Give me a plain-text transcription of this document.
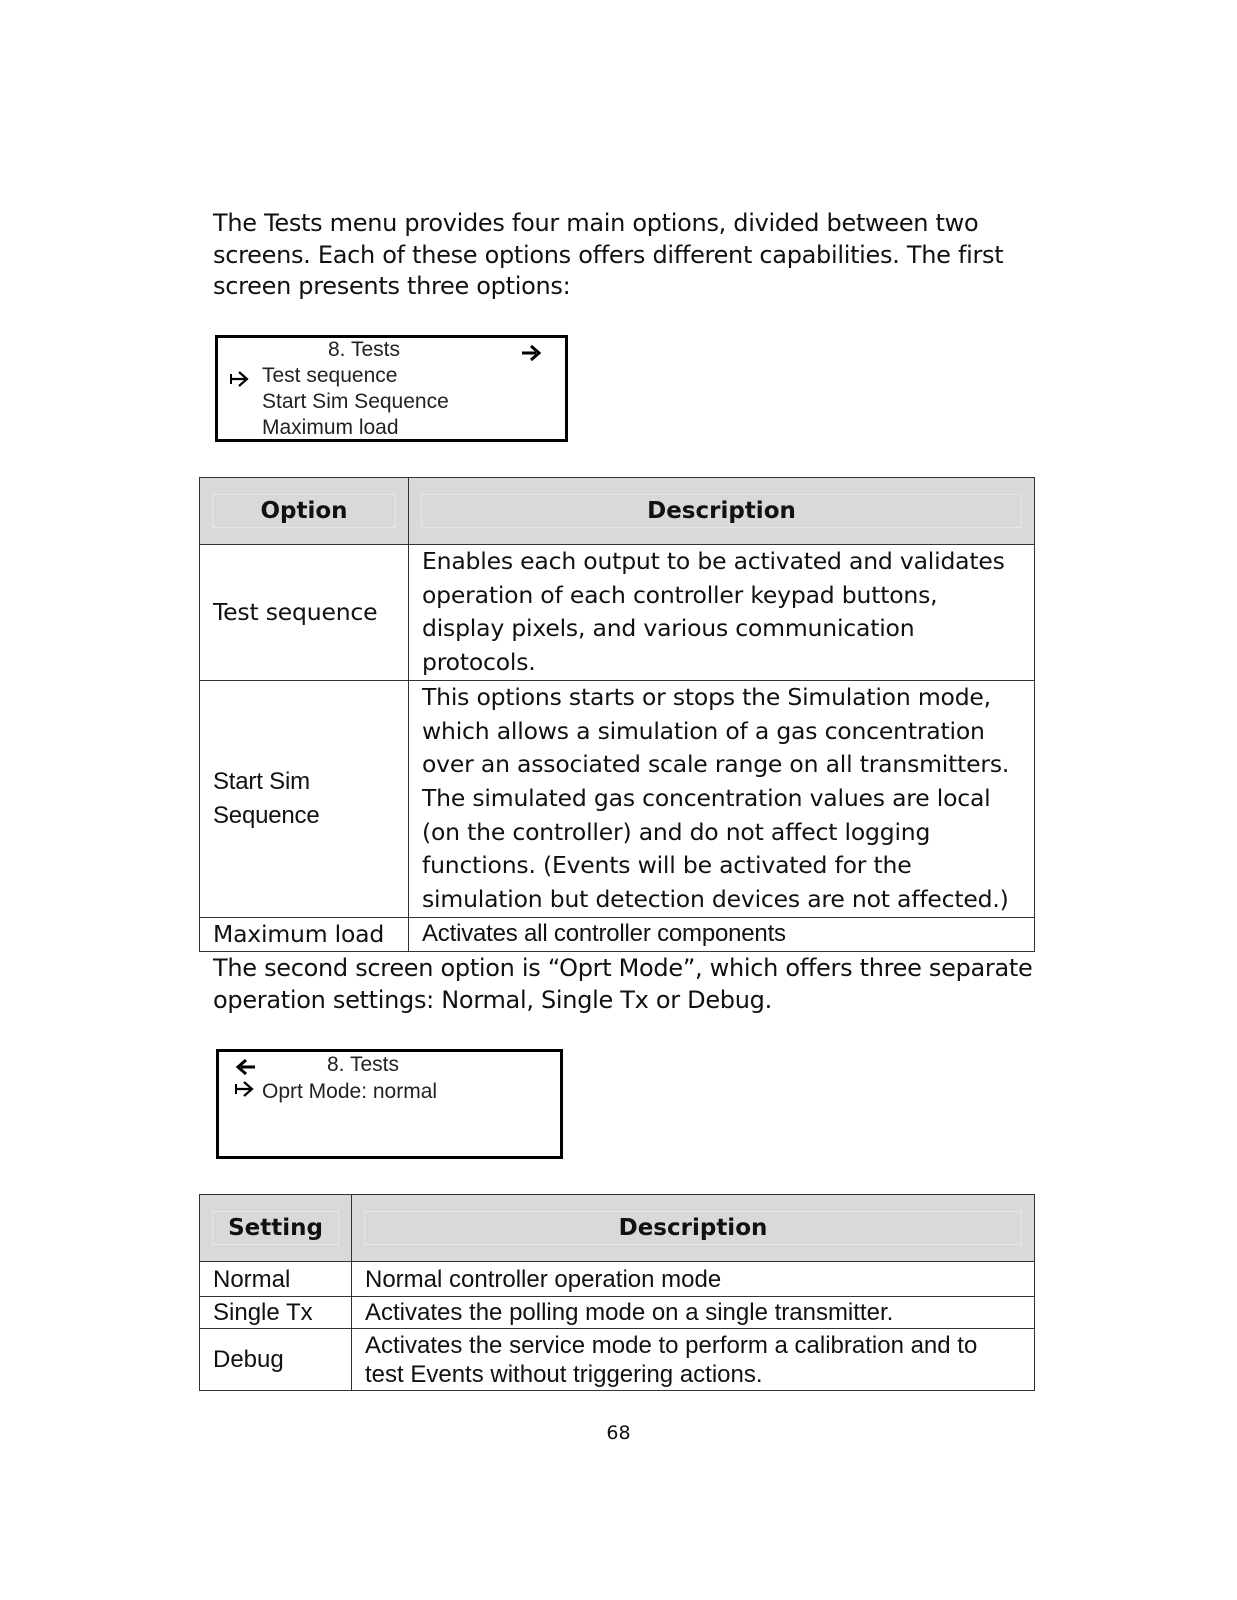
The Tests menu provides four main options, divided between two screens. Each of these options offers different capabilities. The first screen presents three options:
8. Tests
Test sequence
Start Sim Sequence
Maximum load
Option	Description

Test sequence	Enables each output to be activated and validates operation of each controller keypad buttons, display pixels, and various communication protocols.
Start Sim Sequence	This options starts or stops the Simulation mode, which allows a simulation of a gas concentration over an associated scale range on all transmitters. The simulated gas concentration values are local (on the controller) and do not affect logging functions. (Events will be activated for the simulation but detection devices are not affected.)
Maximum load	Activates all controller components
The second screen option is “Oprt Mode”, which offers three separate operation settings: Normal, Single Tx or Debug.
8. Tests
Oprt Mode: normal
Setting	Description

Normal	Normal controller operation mode
Single Tx	Activates the polling mode on a single transmitter.
Debug	Activates the service mode to perform a calibration and to test Events without triggering actions.
68
